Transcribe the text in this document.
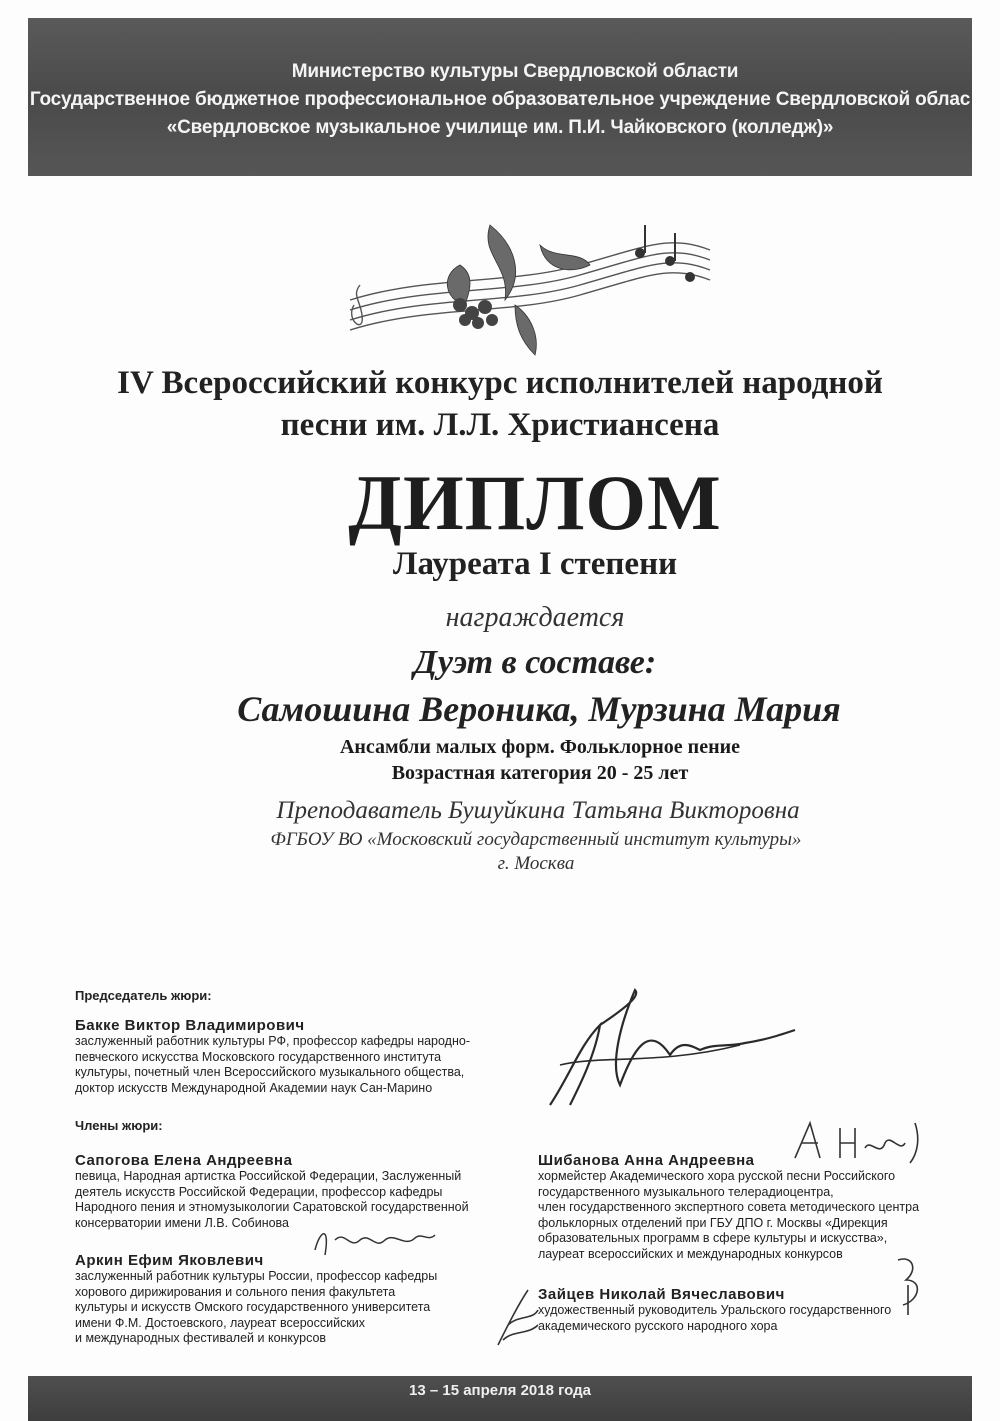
Министерство культуры Свердловской области
Государственное бюджетное профессиональное образовательное учреждение Свердловской облас
«Свердловское музыкальное училище им. П.И. Чайковского (колледж)»
IV Всероссийский конкурс исполнителей народной
песни им. Л.Л. Христиансена
ДИПЛОМ
Лауреата I степени
награждается
Дуэт в составе:
Самошина Вероника, Мурзина Мария
Ансамбли малых форм. Фольклорное пение
Возрастная категория 20 - 25 лет
Преподаватель Бушуйкина Татьяна Викторовна
ФГБОУ ВО «Московский государственный институт культуры»
г. Москва
Председатель жюри:
Бакке Виктор Владимирович
заслуженный работник культуры РФ, профессор кафедры народно-
певческого искусства Московского государственного института
культуры, почетный член Всероссийского музыкального общества,
доктор искусств Международной Академии наук Сан-Марино
Члены жюри:
Сапогова Елена Андреевна
певица, Народная артистка Российской Федерации, Заслуженный
деятель искусств Российской Федерации, профессор кафедры
Народного пения и этномузыкологии Саратовской государственной
консерватории имени Л.В. Собинова
Шибанова Анна Андреевна
хормейстер Академического хора русской песни Российского
государственного музыкального телерадиоцентра,
член государственного экспертного совета методического центра
фольклорных отделений при ГБУ ДПО г. Москвы «Дирекция
образовательных программ в сфере культуры и искусства»,
лауреат всероссийских и международных конкурсов
Аркин Ефим Яковлевич
заслуженный работник культуры России, профессор кафедры
хорового дирижирования и сольного пения факультета
культуры и искусств Омского государственного университета
имени Ф.М. Достоевского, лауреат всероссийских
и международных фестивалей и конкурсов
Зайцев Николай Вячеславович
художественный руководитель Уральского государственного
академического русского народного хора
13 – 15 апреля 2018 года
